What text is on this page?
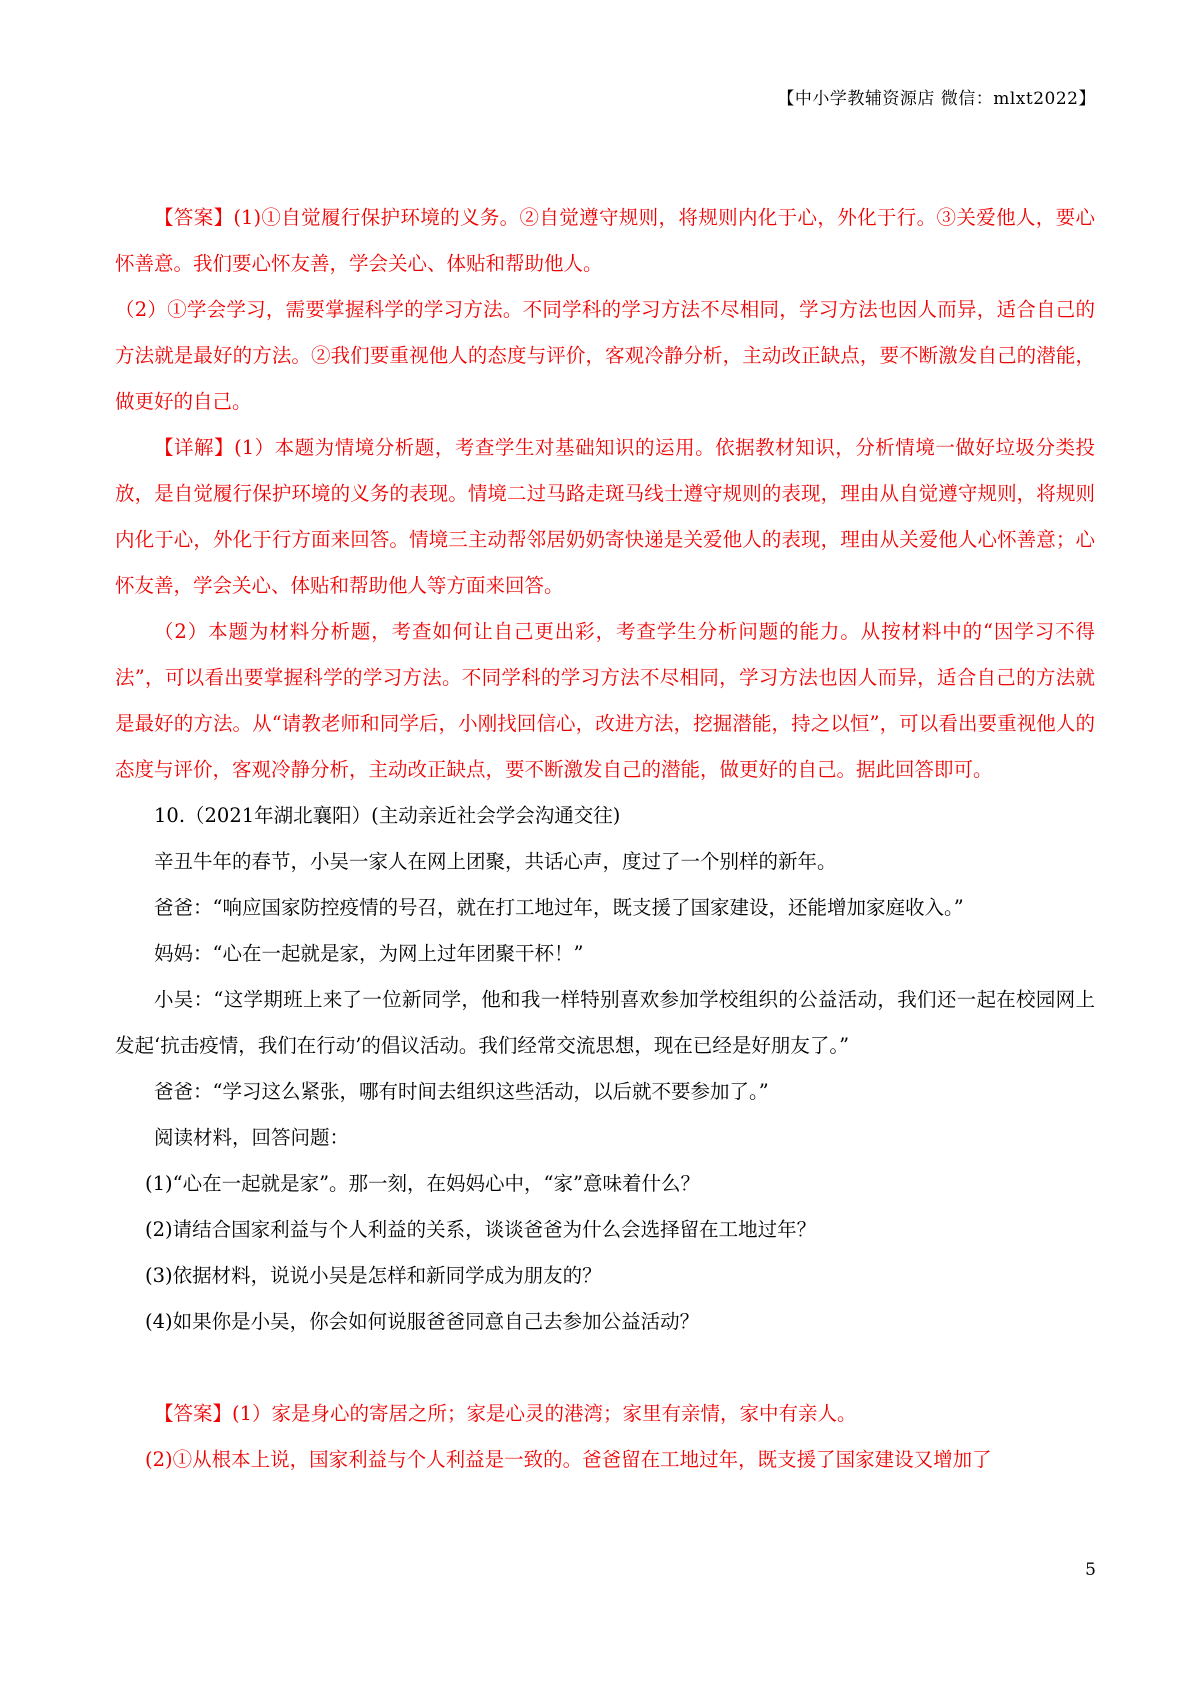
【中小学教辅资源店 微信：mlxt2022】

【答案】(1)①自觉履行保护环境的义务。②自觉遵守规则，将规则内化于心，外化于行。③关爱他人，要心怀善意。我们要心怀友善，学会关心、体贴和帮助他人。

（2）①学会学习，需要掌握科学的学习方法。不同学科的学习方法不尽相同，学习方法也因人而异，适合自己的方法就是最好的方法。②我们要重视他人的态度与评价，客观冷静分析，主动改正缺点，要不断激发自己的潜能，做更好的自己。

【详解】(1）本题为情境分析题，考查学生对基础知识的运用。依据教材知识，分析情境一做好垃圾分类投放，是自觉履行保护环境的义务的表现。情境二过马路走斑马线士遵守规则的表现，理由从自觉遵守规则，将规则内化于心，外化于行方面来回答。情境三主动帮邻居奶奶寄快递是关爱他人的表现，理由从关爱他人心怀善意；心怀友善，学会关心、体贴和帮助他人等方面来回答。

（2）本题为材料分析题，考查如何让自己更出彩，考查学生分析问题的能力。从按材料中的“因学习不得法”，可以看出要掌握科学的学习方法。不同学科的学习方法不尽相同，学习方法也因人而异，适合自己的方法就是最好的方法。从“请教老师和同学后，小刚找回信心，改进方法，挖掘潜能，持之以恒”，可以看出要重视他人的态度与评价，客观冷静分析，主动改正缺点，要不断激发自己的潜能，做更好的自己。据此回答即可。

10.（2021年湖北襄阳）(主动亲近社会学会沟通交往)

辛丑牛年的春节，小吴一家人在网上团聚，共话心声，度过了一个别样的新年。

爸爸：“响应国家防控疫情的号召，就在打工地过年，既支援了国家建设，还能增加家庭收入。”

妈妈：“心在一起就是家，为网上过年团聚干杯！”

小吴：“这学期班上来了一位新同学，他和我一样特别喜欢参加学校组织的公益活动，我们还一起在校园网上发起‘抗击疫情，我们在行动’的倡议活动。我们经常交流思想，现在已经是好朋友了。”

爸爸：“学习这么紧张，哪有时间去组织这些活动，以后就不要参加了。”

阅读材料，回答问题：

(1)“心在一起就是家”。那一刻，在妈妈心中，“家”意味着什么？

(2)请结合国家利益与个人利益的关系，谈谈爸爸为什么会选择留在工地过年？

(3)依据材料，说说小吴是怎样和新同学成为朋友的？

(4)如果你是小吴，你会如何说服爸爸同意自己去参加公益活动？

【答案】(1）家是身心的寄居之所；家是心灵的港湾；家里有亲情，家中有亲人。

(2)①从根本上说，国家利益与个人利益是一致的。爸爸留在工地过年，既支援了国家建设又增加了

5
